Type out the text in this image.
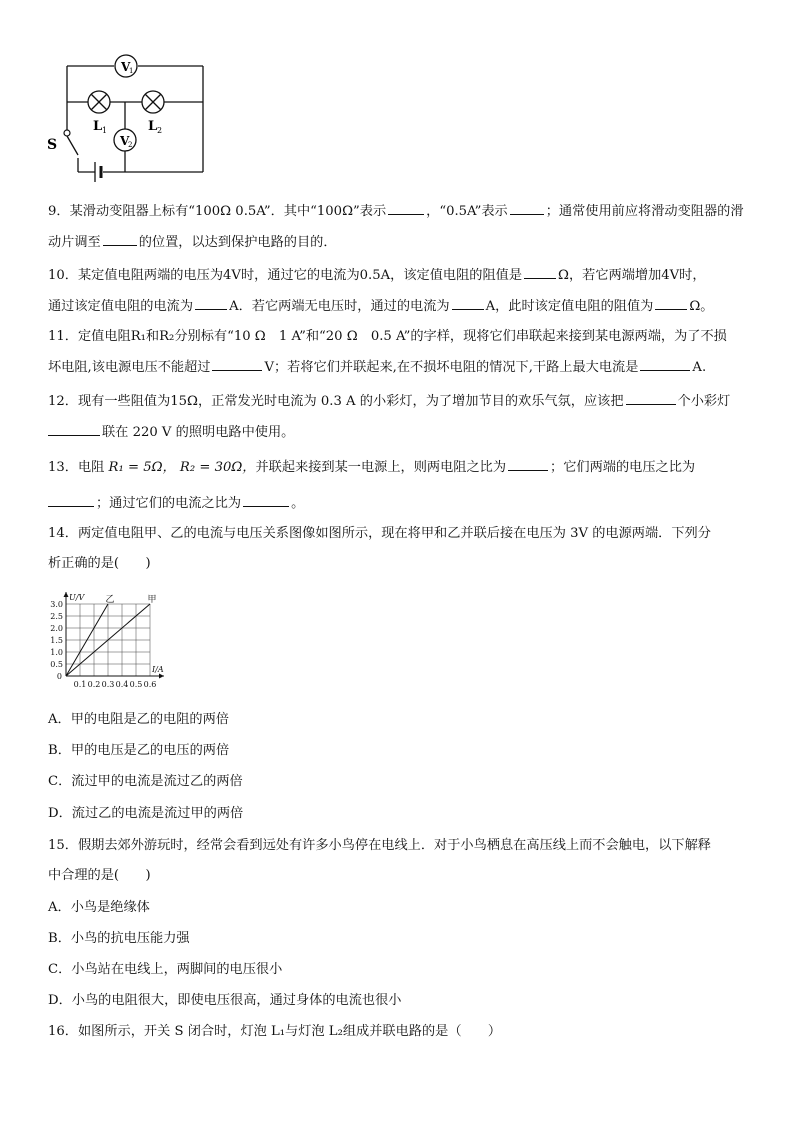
V
1
V
2
L 1	L 2
S
9．某滑动变阻器上标有“100Ω 0.5A”．其中“100Ω”表示	，“0.5A”表示	；通常使用前应将滑动变阻器的滑
动片调至	的位置，以达到保护电路的目的．
10．某定值电阻两端的电压为4V时，通过它的电流为0.5A，该定值电阻的阻值是	Ω，若它两端增加4V时，
通过该定值电阻的电流为	A．若它两端无电压时，通过的电流为	A，此时该定值电阻的阻值为	Ω。
11．定值电阻R₁和R₂分别标有“10 Ω　1 A”和“20 Ω　0.5 A”的字样，现将它们串联起来接到某电源两端，为了不损
坏电阻,该电源电压不能超过	V；若将它们并联起来,在不损坏电阻的情况下,干路上最大电流是	A.
12．现有一些阻值为15Ω，正常发光时电流为 0.3 A 的小彩灯，为了增加节目的欢乐气氛，应该把	个小彩灯
联在 220 V 的照明电路中使用。
13．电阻 R₁ = 5Ω， R₂ = 30Ω，并联起来接到某一电源上，则两电阻之比为	；它们两端的电压之比为
；通过它们的电流之比为	。
14．两定值电阻甲、乙的电流与电压关系图像如图所示，现在将甲和乙并联后接在电压为 3V 的电源两端．下列分
析正确的是(　　)
0.1 0.2 0.3 0.4 0.5 0.6
0.5
1.0
1.5
2.0
2.5
3.0
0
I/A
U/V 乙	甲
A．甲的电阻是乙的电阻的两倍
B．甲的电压是乙的电压的两倍
C．流过甲的电流是流过乙的两倍
D．流过乙的电流是流过甲的两倍
15．假期去郊外游玩时，经常会看到远处有许多小鸟停在电线上．对于小鸟栖息在高压线上而不会触电，以下解释
中合理的是(　　)
A．小鸟是绝缘体
B．小鸟的抗电压能力强
C．小鸟站在电线上，两脚间的电压很小
D．小鸟的电阻很大，即使电压很高，通过身体的电流也很小
16．如图所示，开关 S 闭合时，灯泡 L₁与灯泡 L₂组成并联电路的是（　　）
